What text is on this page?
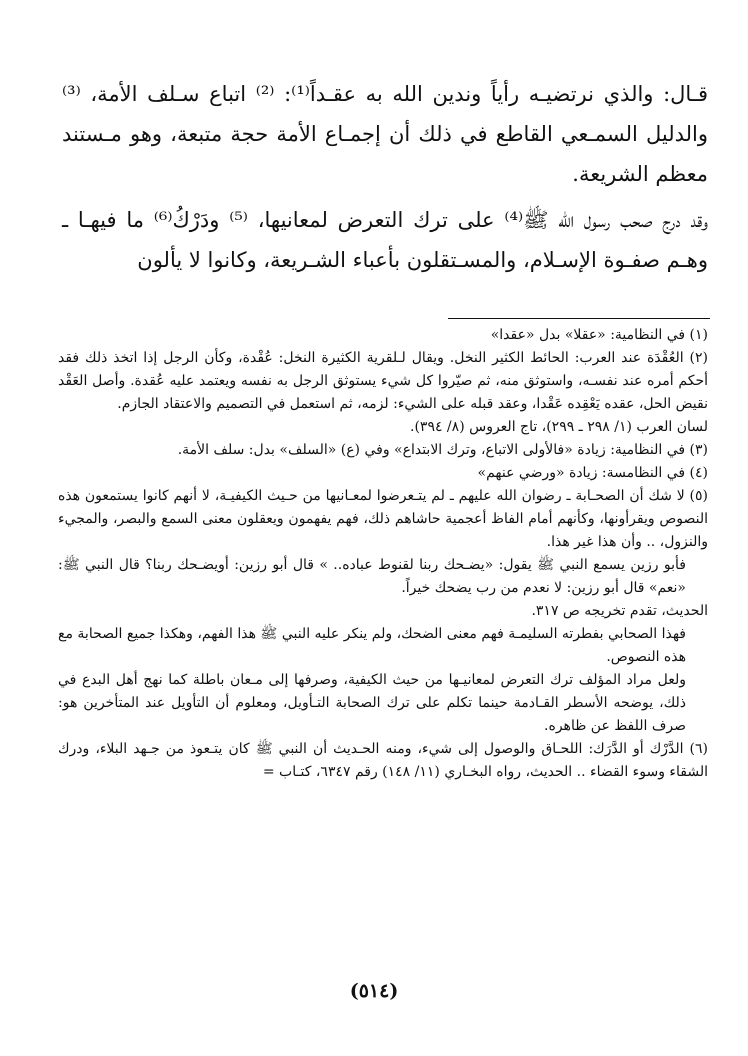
قـال: والذي نرتضيـه رأياً وندين الله به عقـداً⁽¹⁾: ⁽²⁾ اتباع سـلف الأمة، ⁽³⁾ والدليل السمـعي القاطع في ذلك أن إجمـاع الأمة حجة متبعة، وهو مـستند معظم الشريعة.

وقد درج صحب رسول الله ﷺ⁽⁴⁾ على ترك التعرض لمعانيها، ⁽⁵⁾ ودَرْكُ⁽⁶⁾ ما فيهـا ـ وهـم صفـوة الإسـلام، والمسـتقلون بأعباء الشـريعة، وكانوا لا يألون

(١) في النظامية: «عقلا» بدل «عقدا»

(٢) العُقْدَة عند العرب: الحائط الكثير النخل. ويقال لـلقرية الكثيرة النخل: عُقْدة، وكأن الرجل إذا اتخذ ذلك فقد أحكم أمره عند نفسـه، واستوثق منه، ثم صيّروا كل شيء يستوثق الرجل به نفسه ويعتمد عليه عُقدة. وأصل العَقْد نقيض الحل، عقده يَعْقِده عَقْدا، وعقد قبله على الشيء: لزمه، ثم استعمل في التصميم والاعتقاد الجازم.

لسان العرب (١/ ٢٩٨ ـ ٢٩٩)، تاج العروس (٨/ ٣٩٤).

(٣) في النظامية: زيادة «فالأولى الاتباع، وترك الابتداع» وفي (ع) «السلف» بدل: سلف الأمة.

(٤) في النظامسة: زيادة «ورضي عنهم»

(٥) لا شك أن الصحـابة ـ رضوان الله عليهم ـ لم يتـعرضوا لمعـانيها من حـيث الكيفيـة، لا أنهم كانوا يستمعون هذه النصوص ويقرأونها، وكأنهم أمام الفاظ أعجمية حاشاهم ذلك، فهم يفهمون ويعقلون معنى السمع والبصر، والمجيء والنزول، .. وأن هذا غير هذا.

فأبو رزين يسمع النبي ﷺ يقول: «يضـحك ربنا لقنوط عباده.. » قال أبو رزين: أويضـحك ربنا؟ قال النبي ﷺ: «نعم» قال أبو رزين: لا نعدم من رب يضحك خيراً.

الحديث، تقدم تخريجه ص ٣١٧.

فهذا الصحابي بفطرته السليمـة فهم معنى الضحك، ولم ينكر عليه النبي ﷺ هذا الفهم، وهكذا جميع الصحابة مع هذه النصوص.

ولعل مراد المؤلف ترك التعرض لمعانيـها من حيث الكيفية، وصرفها إلى مـعان باطلة كما نهج أهل البدع في ذلك، يوضحه الأسطر القـادمة حينما تكلم على ترك الصحابة التـأويل، ومعلوم أن التأويل عند المتأخرين هو: صرف اللفظ عن ظاهره.

(٦) الدَّرْك أو الدَّرَك: اللحـاق والوصول إلى شيء، ومنه الحـديث أن النبي ﷺ كان يتـعوذ من جـهد البلاء، ودرك الشقاء وسوء القضاء .. الحديث، رواه البخـاري (١١/ ١٤٨) رقم ٦٣٤٧، كتـاب =

(٥١٤)
